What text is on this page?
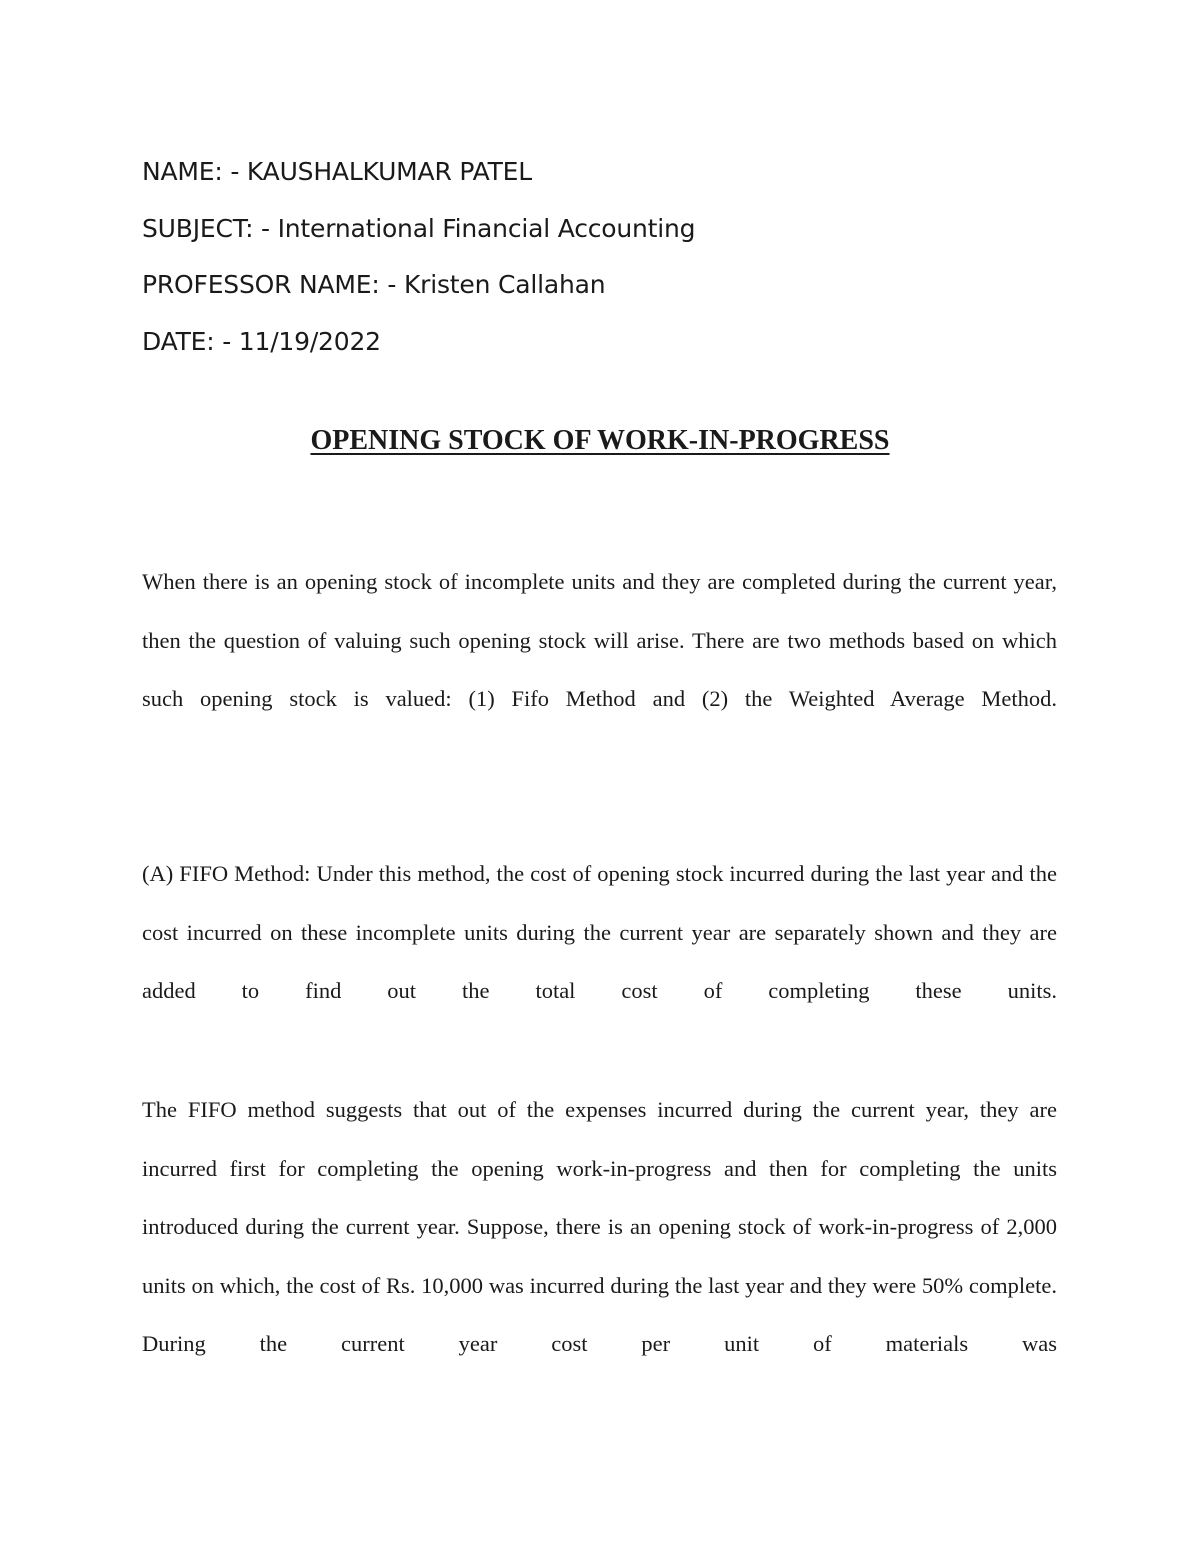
NAME: - KAUSHALKUMAR PATEL
SUBJECT: - International Financial Accounting
PROFESSOR NAME: - Kristen Callahan
DATE: - 11/19/2022
OPENING STOCK OF WORK-IN-PROGRESS
When there is an opening stock of incomplete units and they are completed during the current year, then the question of valuing such opening stock will arise. There are two methods based on which such opening stock is valued: (1) Fifo Method and (2) the Weighted Average Method.
(A) FIFO Method: Under this method, the cost of opening stock incurred during the last year and the cost incurred on these incomplete units during the current year are separately shown and they are added to find out the total cost of completing these units.
The FIFO method suggests that out of the expenses incurred during the current year, they are incurred first for completing the opening work-in-progress and then for completing the units introduced during the current year. Suppose, there is an opening stock of work-in-progress of 2,000 units on which, the cost of Rs. 10,000 was incurred during the last year and they were 50% complete. During the current year cost per unit of materials was
